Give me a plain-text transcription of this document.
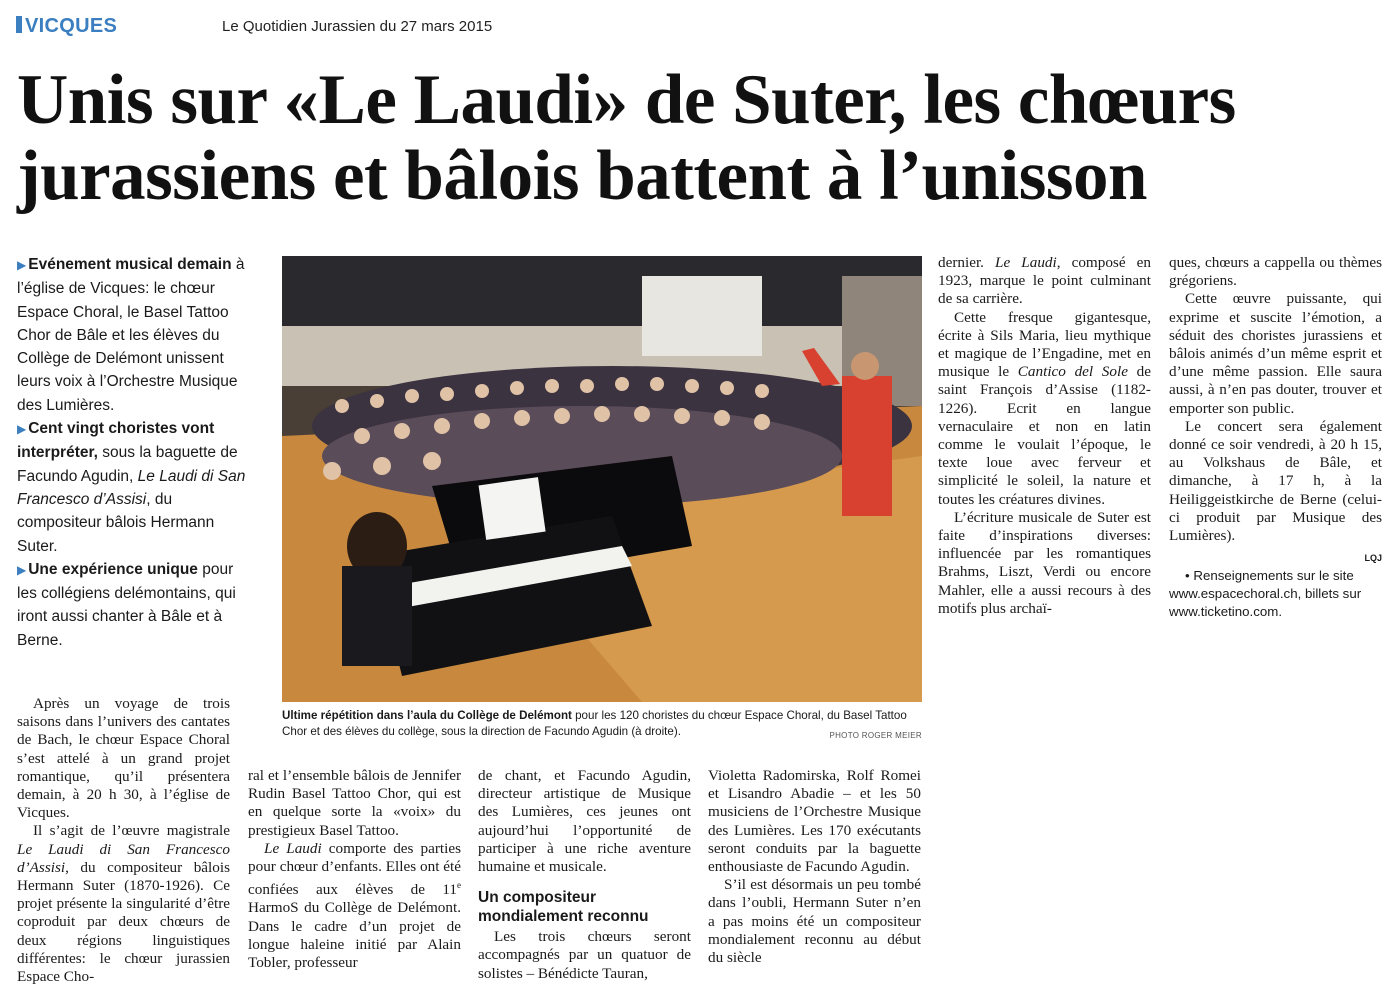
VICQUES	Le Quotidien Jurassien du 27 mars 2015
Unis sur «Le Laudi» de Suter, les chœurs
jurassiens et bâlois battent à l’unisson
▶ Evénement musical demain à l’église de Vicques: le chœur Espace Choral, le Basel Tattoo Chor de Bâle et les élèves du Collège de Delémont unissent leurs voix à l’Orchestre Musique des Lumières.
▶ Cent vingt choristes vont interpréter, sous la baguette de Facundo Agudin, Le Laudi di San Francesco d’Assisi, du compositeur bâlois Hermann Suter.
▶ Une expérience unique pour les collégiens delémontains, qui iront aussi chanter à Bâle et à Berne.
Ultime répétition dans l’aula du Collège de Delémont pour les 120 choristes du chœur Espace Choral, du Basel Tattoo Chor et des élèves du collège, sous la direction de Facundo Agudin (à droite).	PHOTO ROGER MEIER

Après un voyage de trois saisons dans l’univers des cantates de Bach, le chœur Espace Choral s’est attelé à un grand projet romantique, qu’il présentera demain, à 20 h 30, à l’église de Vicques.

Il s’agit de l’œuvre magistrale Le Laudi di San Francesco d’Assisi, du compositeur bâlois Hermann Suter (1870-1926). Ce projet présente la singularité d’être coproduit par deux chœurs de deux régions linguistiques différentes: le chœur jurassien Espace Cho-

ral et l’ensemble bâlois de Jennifer Rudin Basel Tattoo Chor, qui est en quelque sorte la «voix» du prestigieux Basel Tattoo.

Le Laudi comporte des parties pour chœur d’enfants. Elles ont été confiées aux élèves de 11e HarmoS du Collège de Delémont. Dans le cadre d’un projet de longue haleine initié par Alain Tobler, professeur

de chant, et Facundo Agudin, directeur artistique de Musique des Lumières, ces jeunes ont aujourd’hui l’opportunité de participer à une riche aventure humaine et musicale.

Un compositeur mondialement reconnu

Les trois chœurs seront accompagnés par un quatuor de solistes – Bénédicte Tauran,

Violetta Radomirska, Rolf Romei et Lisandro Abadie – et les 50 musiciens de l’Orchestre Musique des Lumières. Les 170 exécutants seront conduits par la baguette enthousiaste de Facundo Agudin.

S’il est désormais un peu tombé dans l’oubli, Hermann Suter n’en a pas moins été un compositeur mondialement reconnu au début du siècle

dernier. Le Laudi, composé en 1923, marque le point culminant de sa carrière.

Cette fresque gigantesque, écrite à Sils Maria, lieu mythique et magique de l’Engadine, met en musique le Cantico del Sole de saint François d’Assise (1182-1226). Ecrit en langue vernaculaire et non en latin comme le voulait l’époque, le texte loue avec ferveur et simplicité le soleil, la nature et toutes les créatures divines.

L’écriture musicale de Suter est faite d’inspirations diverses: influencée par les romantiques Brahms, Liszt, Verdi ou encore Mahler, elle a aussi recours à des motifs plus archaï-

ques, chœurs a cappella ou thèmes grégoriens.

Cette œuvre puissante, qui exprime et suscite l’émotion, a séduit des choristes jurassiens et bâlois animés d’un même esprit et d’une même passion. Elle saura aussi, à n’en pas douter, trouver et emporter son public.

Le concert sera également donné ce soir vendredi, à 20 h 15, au Volkshaus de Bâle, et dimanche, à 17 h, à la Heiliggeistkirche de Berne (celui-ci produit par Musique des Lumières).

LQJ

• Renseignements sur le site www.espacechoral.ch, billets sur www.ticketino.com.
